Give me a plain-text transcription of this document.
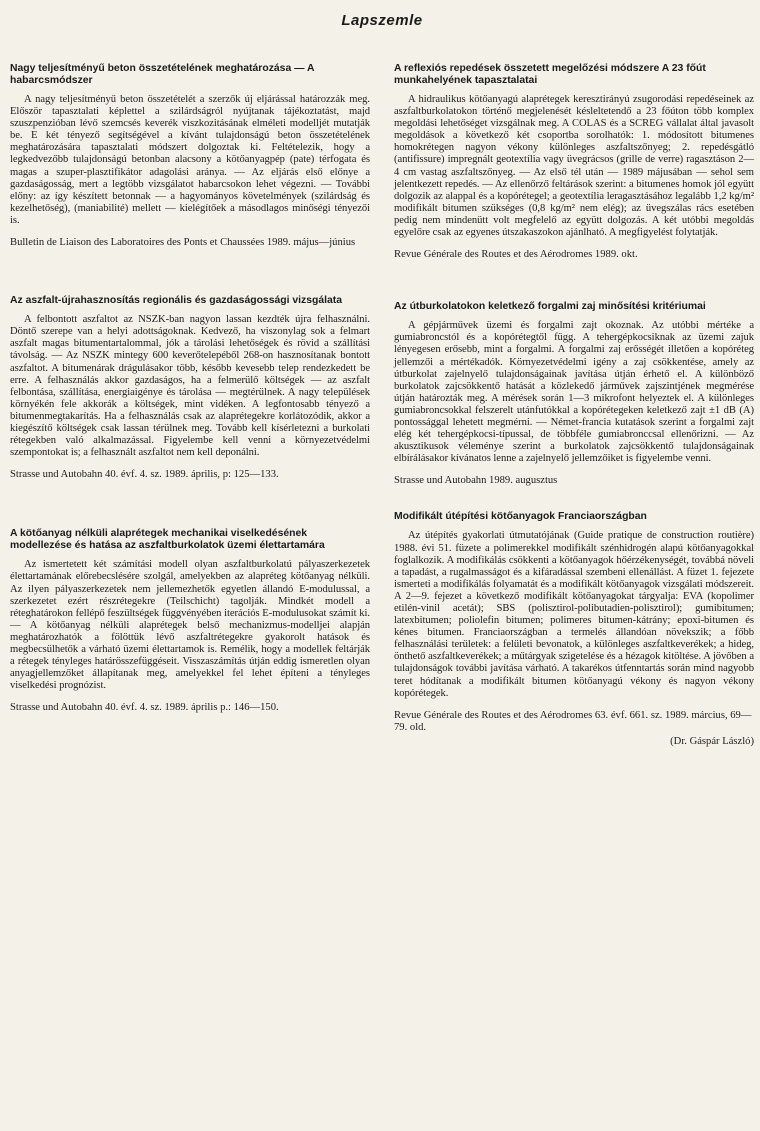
Lapszemle
Nagy teljesítményű beton összetételének meghatározása — A habarcsmódszer

A nagy teljesítményű beton összetételét a szerzők új eljárással határozzák meg. Először tapasztalati képlettel a szilárdságról nyújtanak tájékoztatást, majd szuszpenzióban lévő szemcsés keverék viszkozitásának elméleti modelljét mutatják be. E két tényező segítségével a kívánt tulajdonságú beton összetételének meghatározására tapasztalati módszert dolgoztak ki. Feltételezik, hogy a legkedvezőbb tulajdonságú betonban alacsony a kötőanyagpép (pate) térfogata és magas a szuper-plasztifikátor adagolási aránya. — Az eljárás első előnye a gazdaságosság, mert a legtöbb vizsgálatot habarcsokon lehet végezni. — További előny: az így készített betonnak — a hagyományos követelmények (szilárdság és kezelhetőség), (maniabilité) mellett — kielégítőek a másodlagos minőségi tényezői is.

Bulletin de Liaison des Laboratoires des Ponts et Chaussées 1989. május—június

Az aszfalt-újrahasznosítás regionális és gazdaságossági vizsgálata

A felbontott aszfaltot az NSZK-ban nagyon lassan kezdték újra felhasználni. Döntő szerepe van a helyi adottságoknak. Kedvező, ha viszonylag sok a felmart aszfalt magas bitumentartalommal, jók a tárolási lehetőségek és rövid a szállítási távolság. — Az NSZK mintegy 600 keverőtelepéből 268-on hasznosítanak bontott aszfaltot. A bitumenárak drágulásakor több, később kevesebb telep rendezkedett be erre. A felhasználás akkor gazdaságos, ha a felmerülő költségek — az aszfalt felbontása, szállítása, energiaigénye és tárolása — megtérülnek. A nagy települések környékén fele akkorák a költségek, mint vidéken. A legfontosabb tényező a bitumenmegtakarítás. Ha a felhasználás csak az alaprétegekre korlátozódik, akkor a kiegészítő költségek csak lassan térülnek meg. Tovább kell kísérletezni a burkolati rétegekben való alkalmazással. Figyelembe kell venni a környezetvédelmi szempontokat is; a felhasznált aszfaltot nem kell deponálni.

Strasse und Autobahn 40. évf. 4. sz. 1989. április, p: 125—133.

A kötőanyag nélküli alaprétegek mechanikai viselkedésének modellezése és hatása az aszfaltburkolatok üzemi élettartamára

Az ismertetett két számítási modell olyan aszfaltburkolatú pályaszerkezetek élettartamának előrebecslésére szolgál, amelyekben az alapréteg kötőanyag nélküli. Az ilyen pályaszerkezetek nem jellemezhetők egyetlen állandó E-modulussal, a szerkezetet ezért részrétegekre (Teilschicht) tagolják. Mindkét modell a réteghatárokon fellépő feszültségek függvényében iterációs E-modulusokat számít ki. — A kötőanyag nélküli alaprétegek belső mechanizmus-modelljei alapján meghatározhatók a fölöttük lévő aszfaltrétegekre gyakorolt hatások és megbecsülhetők a várható üzemi élettartamok is. Remélik, hogy a modellek feltárják a rétegek tényleges határösszefüggéseit. Visszaszámítás útján eddig ismeretlen olyan anyagjellemzőket állapítanak meg, amelyekkel fel lehet építeni a tényleges viselkedési prognózist.

Strasse und Autobahn 40. évf. 4. sz. 1989. április p.: 146—150.

A reflexiós repedések összetett megelőzési módszere A 23 főút munkahelyének tapasztalatai

A hidraulikus kötőanyagú alaprétegek keresztirányú zsugorodási repedéseinek az aszfaltburkolatokon történő megjelenését késleltetendő a 23 főúton több komplex megoldási lehetőséget vizsgálnak meg. A COLAS és a SCREG vállalat által javasolt megoldások a következő két csoportba sorolhatók: 1. módosított bitumenes homokrétegen nagyon vékony különleges aszfaltszőnyeg; 2. repedésgátló (antifissure) impregnált geotextília vagy üvegrácsos (grille de verre) ragasztáson 2—4 cm vastag aszfaltszőnyeg. — Az első tél után — 1989 májusában — sehol sem jelentkezett repedés. — Az ellenőrző feltárások szerint: a bitumenes homok jól együtt dolgozik az alappal és a kopórétegel; a geotextília leragasztásához legalább 1,2 kg/m² modifikált bitumen szükséges (0,8 kg/m² nem elég); az üvegszálas rács esetében pedig nem mindenütt volt megfelelő az együtt dolgozás. A két utóbbi megoldás egyelőre csak az egyenes útszakaszokon ajánlható. A megfigyelést folytatják.

Revue Générale des Routes et des Aérodromes 1989. okt.

Az útburkolatokon keletkező forgalmi zaj minősítési kritériumai

A gépjárművek üzemi és forgalmi zajt okoznak. Az utóbbi mértéke a gumiabroncstól és a kopórétegtől függ. A tehergépkocsiknak az üzemi zajuk lényegesen erősebb, mint a forgalmi. A forgalmi zaj erősségét illetően a kopóréteg jellemzői a mértékadók. Környezetvédelmi igény a zaj csökkentése, amely az útburkolat zajelnyelő tulajdonságainak javítása útján érhető el. A különböző burkolatok zajcsökkentő hatását a közlekedő járművek zajszintjének megmérése útján határozták meg. A mérések során 1—3 mikrofont helyeztek el. A különleges gumiabroncsokkal felszerelt utánfutókkal a kopórétegeken keletkező zajt ±1 dB (A) pontossággal lehetett megmérni. — Német-francia kutatások szerint a forgalmi zajt elég két tehergépkocsi-típussal, de többféle gumiabronccsal ellenőrizni. — Az akusztikusok véleménye szerint a burkolatok zajcsökkentő tulajdonságainak elbírálásakor kívánatos lenne a zajelnyelő jellemzőiket is figyelembe venni.

Strasse und Autobahn 1989. augusztus

Modifikált útépítési kötőanyagok Franciaországban

Az útépítés gyakorlati útmutatójának (Guide pratique de construction routière) 1988. évi 51. füzete a polimerekkel modifikált szénhidrogén alapú kötőanyagokkal foglalkozik. A modifikálás csökkenti a kötőanyagok hőérzékenységét, továbbá növeli a tapadást, a rugalmasságot és a kifáradással szembeni ellenállást. A füzet 1. fejezete ismerteti a modifikálás folyamatát és a modifikált kötőanyagok vizsgálati módszereit. A 2—9. fejezet a következő modifikált kötőanyagokat tárgyalja: EVA (kopolimer etilén-vinil acetát); SBS (polisztirol-polibutadien-polisztirol); gumibitumen; latexbitumen; poliolefin bitumen; polimeres bitumen-kátrány; epoxi-bitumen és kénes bitumen. Franciaországban a termelés állandóan növekszik; a főbb felhasználási területek: a felületi bevonatok, a különleges aszfaltkeverékek; a hideg, önthető aszfaltkeverékek; a műtárgyak szigetelése és a hézagok kitöltése. A jövőben a tulajdonságok további javítása várható. A takarékos útfenntartás során mind nagyobb teret hódítanak a modifikált bitumen kötőanyagú vékony és nagyon vékony kopórétegek.

Revue Générale des Routes et des Aérodromes 63. évf. 661. sz. 1989. március, 69—79. old.

(Dr. Gáspár László)
